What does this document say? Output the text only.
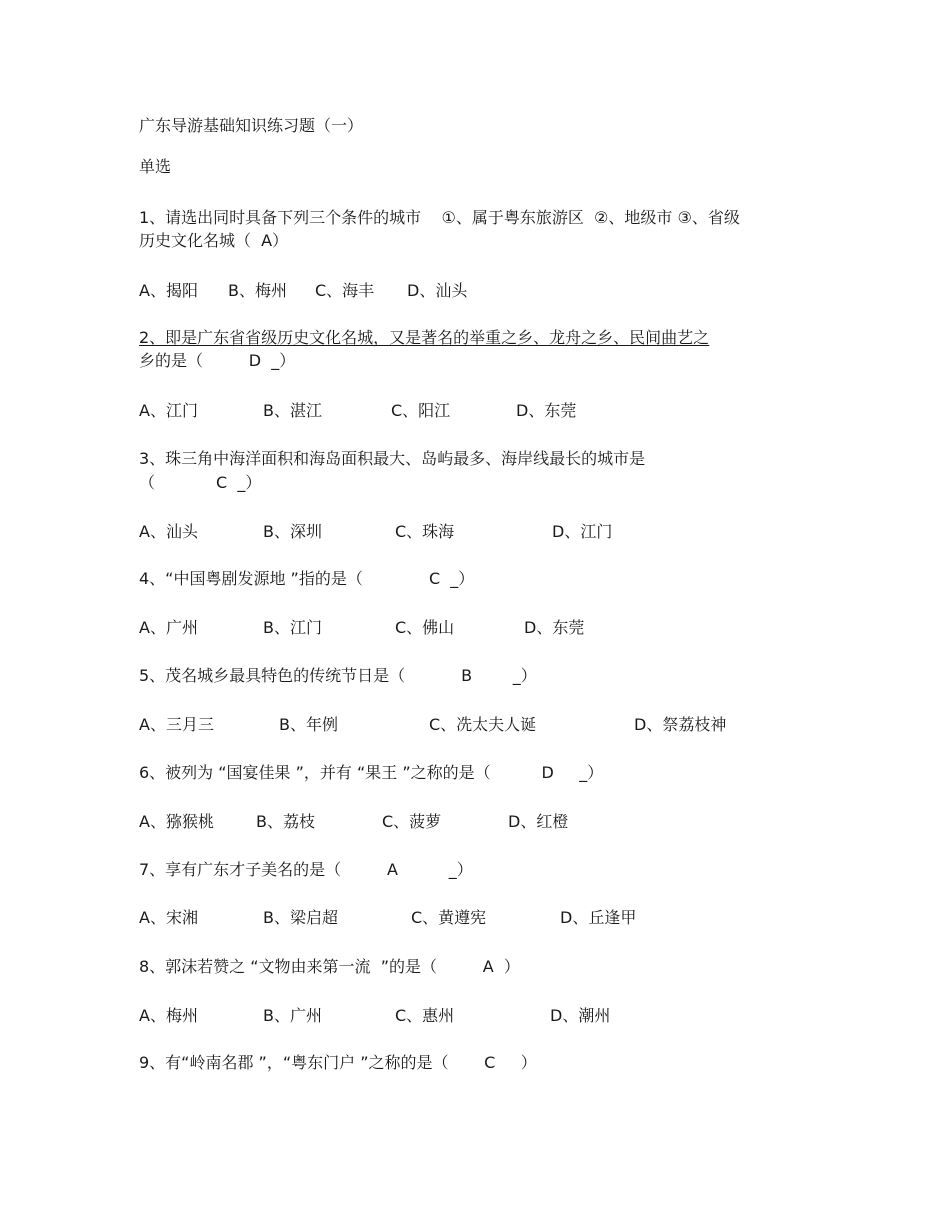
广东导游基础知识练习题（一）
单选
1、请选出同时具备下列三个条件的城市    ①、属于粤东旅游区  ②、地级市 ③、省级
历史文化名城（  A）
A、揭阳 B、梅州 C、海丰 D、汕头
2、即是广东省省级历史文化名城，又是著名的举重之乡、龙舟之乡、民间曲艺之
乡的是（         D  _）
A、江门	B、湛江	C、阳江	D、东莞
3、珠三角中海洋面积和海岛面积最大、岛屿最多、海岸线最长的城市是
（            C  _）
A、汕头	B、深圳	C、珠海	D、江门
4、“中国粤剧发源地 ”指的是（             C  _）
A、广州	B、江门	C、佛山	D、东莞
5、茂名城乡最具特色的传统节日是（           B        _）
A、三月三	B、年例	C、冼太夫人诞	D、祭荔枝神
6、被列为 “国宴佳果 ”，并有 “果王 ”之称的是（          D     _）
A、猕猴桃	B、荔枝	C、菠萝	D、红橙
7、享有广东才子美名的是（         A          _）
A、宋湘	B、梁启超	C、黄遵宪	D、丘逢甲
8、郭沫若赞之 “文物由来第一流  ”的是（         A  ）
A、梅州	B、广州	C、惠州	D、潮州
9、有“岭南名郡 ”，“粤东门户 ”之称的是（       C     ）
